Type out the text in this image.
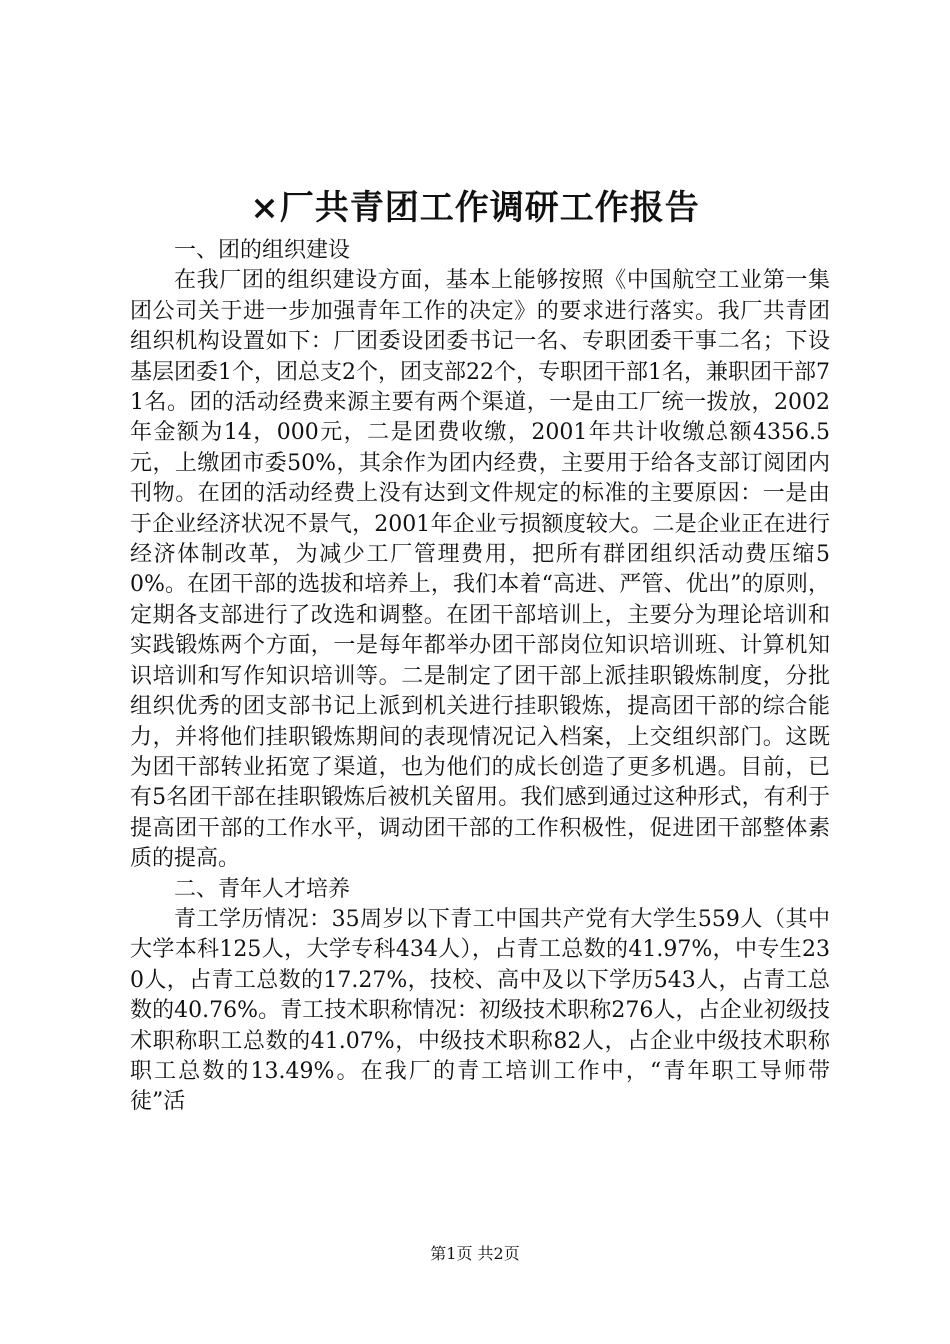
×厂共青团工作调研工作报告

一、团的组织建设

在我厂团的组织建设方面，基本上能够按照《中国航空工业第一集团公司关于进一步加强青年工作的决定》的要求进行落实。我厂共青团组织机构设置如下：厂团委设团委书记一名、专职团委干事二名；下设基层团委1个，团总支2个，团支部22个，专职团干部1名，兼职团干部71名。团的活动经费来源主要有两个渠道，一是由工厂统一拨放，2002年金额为14，000元，二是团费收缴，2001年共计收缴总额4356.5元，上缴团市委50%，其余作为团内经费，主要用于给各支部订阅团内刊物。在团的活动经费上没有达到文件规定的标准的主要原因：一是由于企业经济状况不景气，2001年企业亏损额度较大。二是企业正在进行经济体制改革，为减少工厂管理费用，把所有群团组织活动费压缩50%。在团干部的选拔和培养上，我们本着“高进、严管、优出”的原则，定期各支部进行了改选和调整。在团干部培训上，主要分为理论培训和实践锻炼两个方面，一是每年都举办团干部岗位知识培训班、计算机知识培训和写作知识培训等。二是制定了团干部上派挂职锻炼制度，分批组织优秀的团支部书记上派到机关进行挂职锻炼，提高团干部的综合能力，并将他们挂职锻炼期间的表现情况记入档案，上交组织部门。这既为团干部转业拓宽了渠道，也为他们的成长创造了更多机遇。目前，已有5名团干部在挂职锻炼后被机关留用。我们感到通过这种形式，有利于提高团干部的工作水平，调动团干部的工作积极性，促进团干部整体素质的提高。

二、青年人才培养

青工学历情况：35周岁以下青工中国共产党有大学生559人（其中大学本科125人，大学专科434人），占青工总数的41.97%，中专生230人，占青工总数的17.27%，技校、高中及以下学历543人，占青工总数的40.76%。青工技术职称情况：初级技术职称276人，占企业初级技术职称职工总数的41.07%，中级技术职称82人，占企业中级技术职称职工总数的13.49%。在我厂的青工培训工作中，“青年职工导师带徒”活

第1页 共2页
